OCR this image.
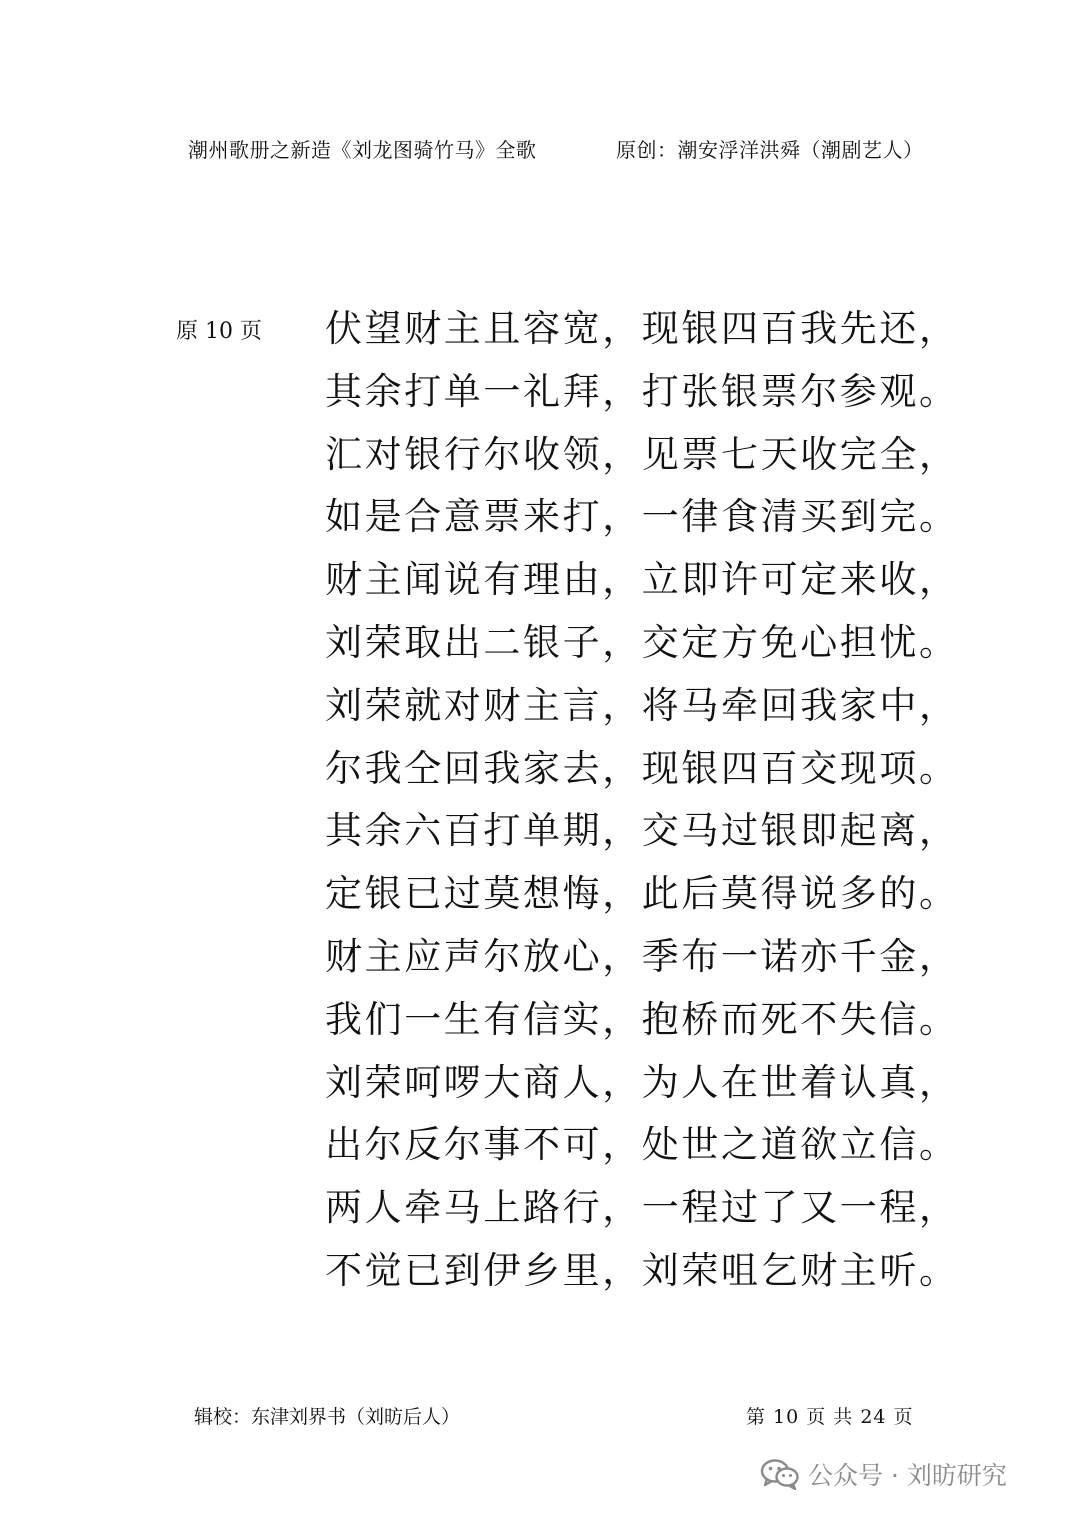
潮州歌册之新造《刘龙图骑竹马》全歌	原创：潮安浮洋洪舜（潮剧艺人）
原 10 页 伏望财主且容宽，现银四百我先还，
其余打单一礼拜，打张银票尔参观。
汇对银行尔收领，见票七天收完全，
如是合意票来打，一律食清买到完。
财主闻说有理由，立即许可定来收，
刘荣取出二银子，交定方免心担忧。
刘荣就对财主言，将马牵回我家中，
尔我仝回我家去，现银四百交现项。
其余六百打单期，交马过银即起离，
定银已过莫想悔，此后莫得说多的。
财主应声尔放心，季布一诺亦千金，
我们一生有信实，抱桥而死不失信。
刘荣呵啰大商人，为人在世着认真，
出尔反尔事不可，处世之道欲立信。
两人牵马上路行，一程过了又一程，
不觉已到伊乡里，刘荣咀乞财主听。
辑校：东津刘界书（刘昉后人）	第 10 页 共 24 页
公众号 · 刘昉研究
